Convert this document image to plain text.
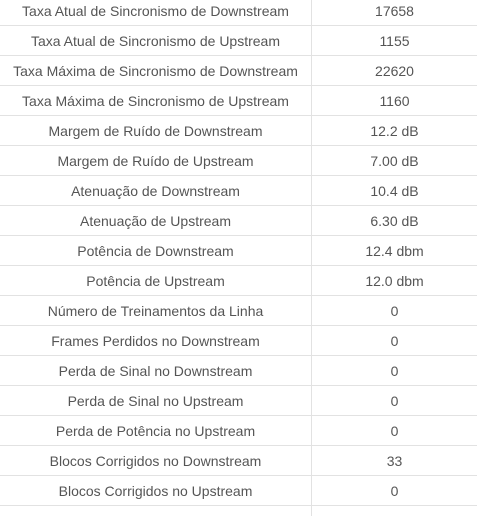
Taxa Atual de Sincronismo de Downstream	17658
Taxa Atual de Sincronismo de Upstream	1155
Taxa Máxima de Sincronismo de Downstream	22620
Taxa Máxima de Sincronismo de Upstream	1160
Margem de Ruído de Downstream	12.2 dB
Margem de Ruído de Upstream	7.00 dB
Atenuação de Downstream	10.4 dB
Atenuação de Upstream	6.30 dB
Potência de Downstream	12.4 dbm
Potência de Upstream	12.0 dbm
Número de Treinamentos da Linha	0
Frames Perdidos no Downstream	0
Perda de Sinal no Downstream	0
Perda de Sinal no Upstream	0
Perda de Potência no Upstream	0
Blocos Corrigidos no Downstream	33
Blocos Corrigidos no Upstream	0
